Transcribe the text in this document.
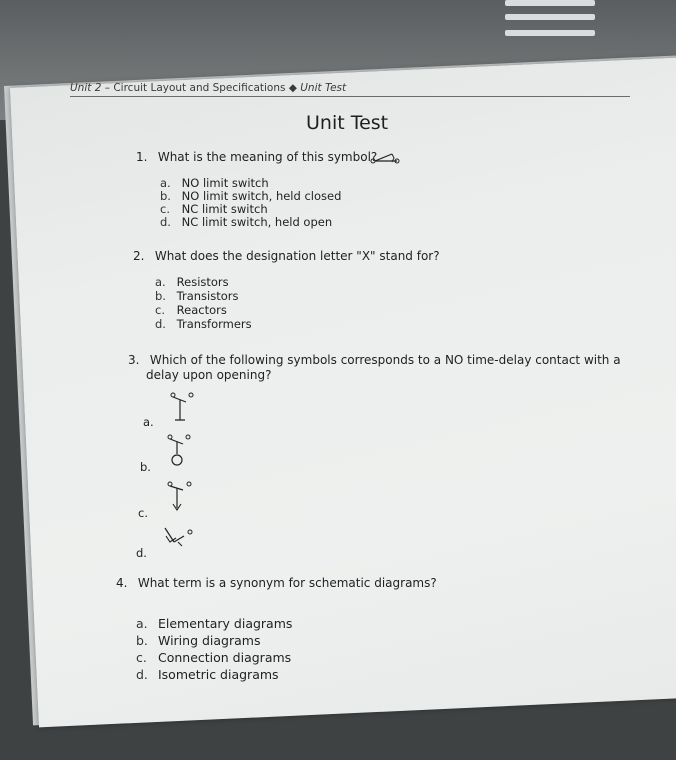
Unit 2 – Circuit Layout and Specifications ◆ Unit Test
Unit Test
1. What is the meaning of this symbol?
a. NO limit switch
b. NO limit switch, held closed
c. NC limit switch
d. NC limit switch, held open
2. What does the designation letter "X" stand for?
a. Resistors
b. Transistors
c. Reactors
d. Transformers
3. Which of the following symbols corresponds to a NO time-delay contact with a
delay upon opening?
a.
b.
c.
d.
4. What term is a synonym for schematic diagrams?
a. Elementary diagrams
b. Wiring diagrams
c. Connection diagrams
d. Isometric diagrams
